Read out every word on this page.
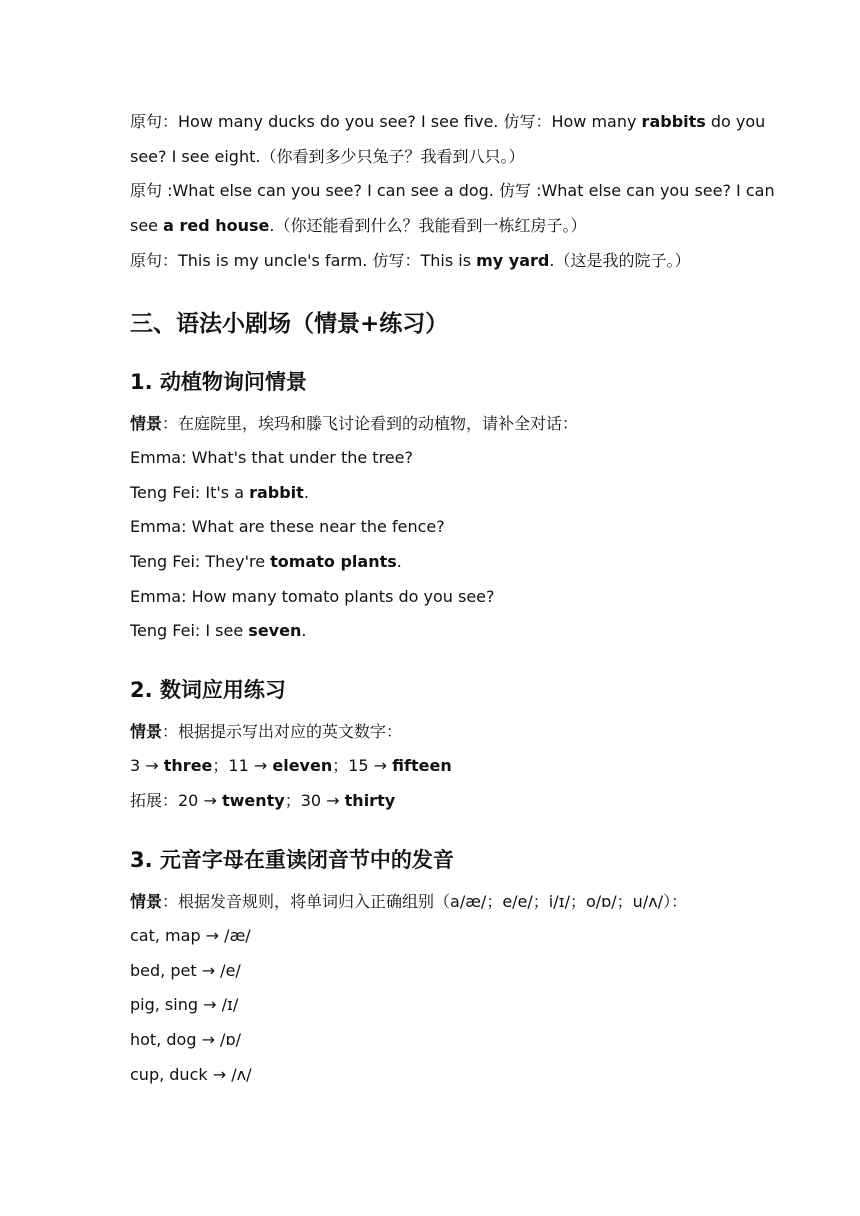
原句：How many ducks do you see? I see five. 仿写：How many rabbits do you
see? I see eight.（你看到多少只兔子？我看到八只。）
原句 :What else can you see? I can see a dog. 仿写 :What else can you see? I can
see a red house.（你还能看到什么？我能看到一栋红房子。）
原句：This is my uncle's farm. 仿写：This is my yard.（这是我的院子。）
三、语法小剧场（情景+练习）
1. 动植物询问情景
情景：在庭院里，埃玛和滕飞讨论看到的动植物，请补全对话：
Emma: What's that under the tree?
Teng Fei: It's a rabbit.
Emma: What are these near the fence?
Teng Fei: They're tomato plants.
Emma: How many tomato plants do you see?
Teng Fei: I see seven.
2. 数词应用练习
情景：根据提示写出对应的英文数字：
3 → three；11 → eleven；15 → fifteen
拓展：20 → twenty；30 → thirty
3. 元音字母在重读闭音节中的发音
情景：根据发音规则，将单词归入正确组别（a/æ/；e/e/；i/ɪ/；o/ɒ/；u/ʌ/）：
cat, map → /æ/
bed, pet → /e/
pig, sing → /ɪ/
hot, dog → /ɒ/
cup, duck → /ʌ/
